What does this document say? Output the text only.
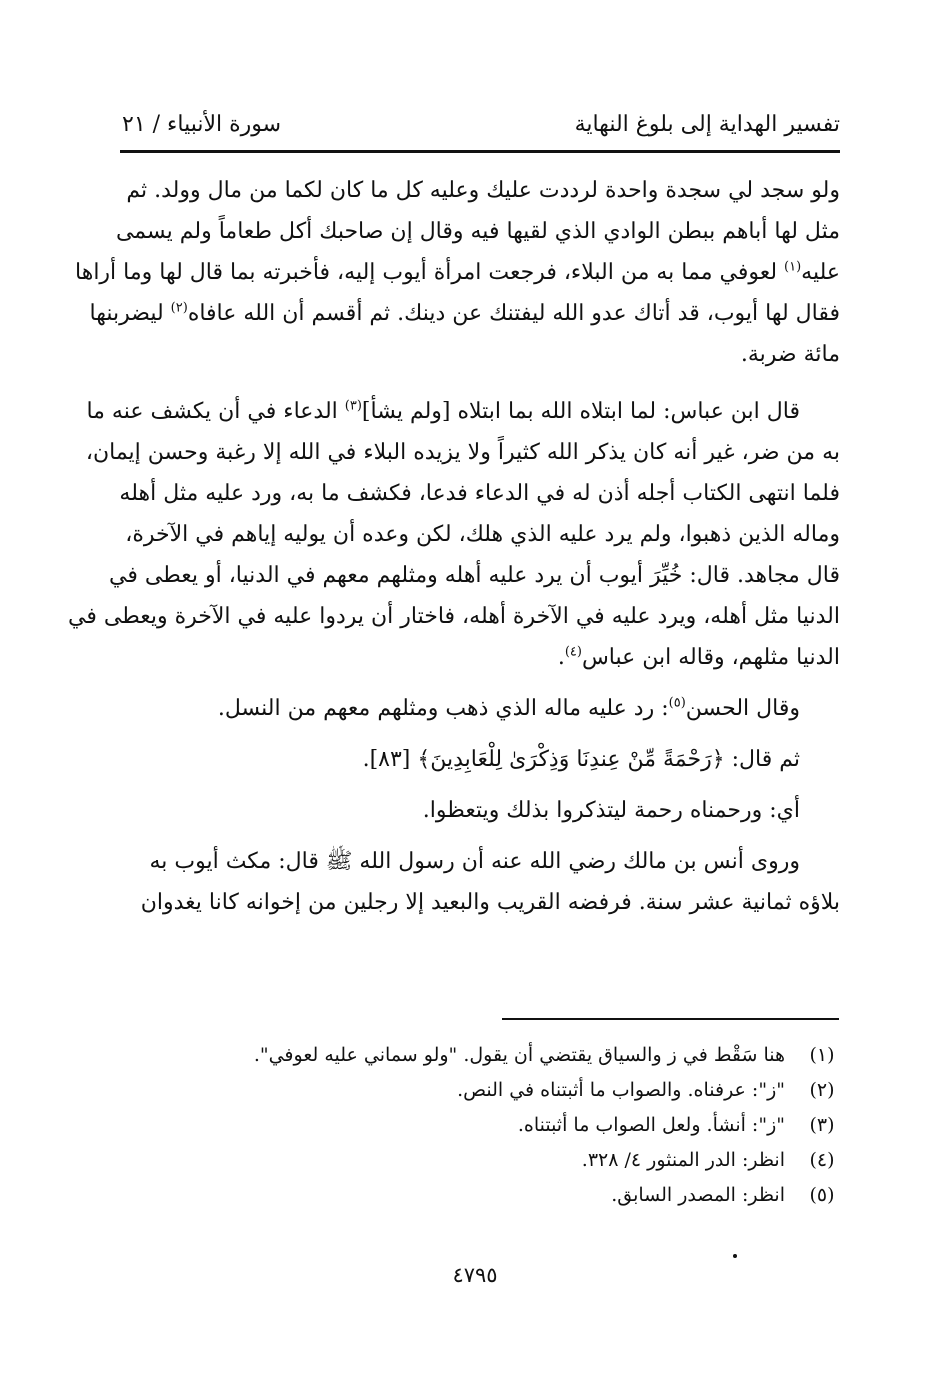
تفسير الهداية إلى بلوغ النهاية
سورة الأنبياء / ٢١
ولو سجد لي سجدة واحدة لرددت عليك وعليه كل ما كان لكما من مال وولد. ثم
مثل لها أباهم ببطن الوادي الذي لقيها فيه وقال إن صاحبك أكل طعاماً ولم يسمى
عليه$^{(١)}$ لعوفي مما به من البلاء، فرجعت امرأة أيوب إليه، فأخبرته بما قال لها وما أراها
فقال لها أيوب، قد أتاك عدو الله ليفتنك عن دينك. ثم أقسم أن الله عافاه$^{(٢)}$ ليضربنها
مائة ضربة.
قال ابن عباس: لما ابتلاه الله بما ابتلاه [ولم يشأ]$^{(٣)}$ الدعاء في أن يكشف عنه ما
به من ضر، غير أنه كان يذكر الله كثيراً ولا يزيده البلاء في الله إلا رغبة وحسن إيمان،
فلما انتهى الكتاب أجله أذن له في الدعاء فدعا، فكشف ما به، ورد عليه مثل أهله
وماله الذين ذهبوا، ولم يرد عليه الذي هلك، لكن وعده أن يوليه إياهم في الآخرة،
قال مجاهد. قال: خُيِّرَ أيوب أن يرد عليه أهله ومثلهم معهم في الدنيا، أو يعطى في
الدنيا مثل أهله، ويرد عليه في الآخرة أهله، فاختار أن يردوا عليه في الآخرة ويعطى في
الدنيا مثلهم، وقاله ابن عباس$^{(٤)}$.
وقال الحسن$^{(٥)}$: رد عليه ماله الذي ذهب ومثلهم معهم من النسل.
ثم قال: ﴿رَحْمَةً مِّنْ عِندِنَا وَذِكْرَىٰ لِلْعَابِدِينَ﴾ [٨٣].
أي: ورحمناه رحمة ليتذكروا بذلك ويتعظوا.
وروى أنس بن مالك رضي الله عنه أن رسول الله ﷺ قال: مكث أيوب به
بلاؤه ثمانية عشر سنة. فرفضه القريب والبعيد إلا رجلين من إخوانه كانا يغدوان
(١)
هنا سَقْط في ز والسياق يقتضي أن يقول. "ولو سماني عليه لعوفي".
(٢)
"ز": عرفناه. والصواب ما أثبتناه في النص.
(٣)
"ز": أنشأ. ولعل الصواب ما أثبتناه.
(٤)
انظر: الدر المنثور ٤/ ٣٢٨.
(٥)
انظر: المصدر السابق.
٤٧٩٥
